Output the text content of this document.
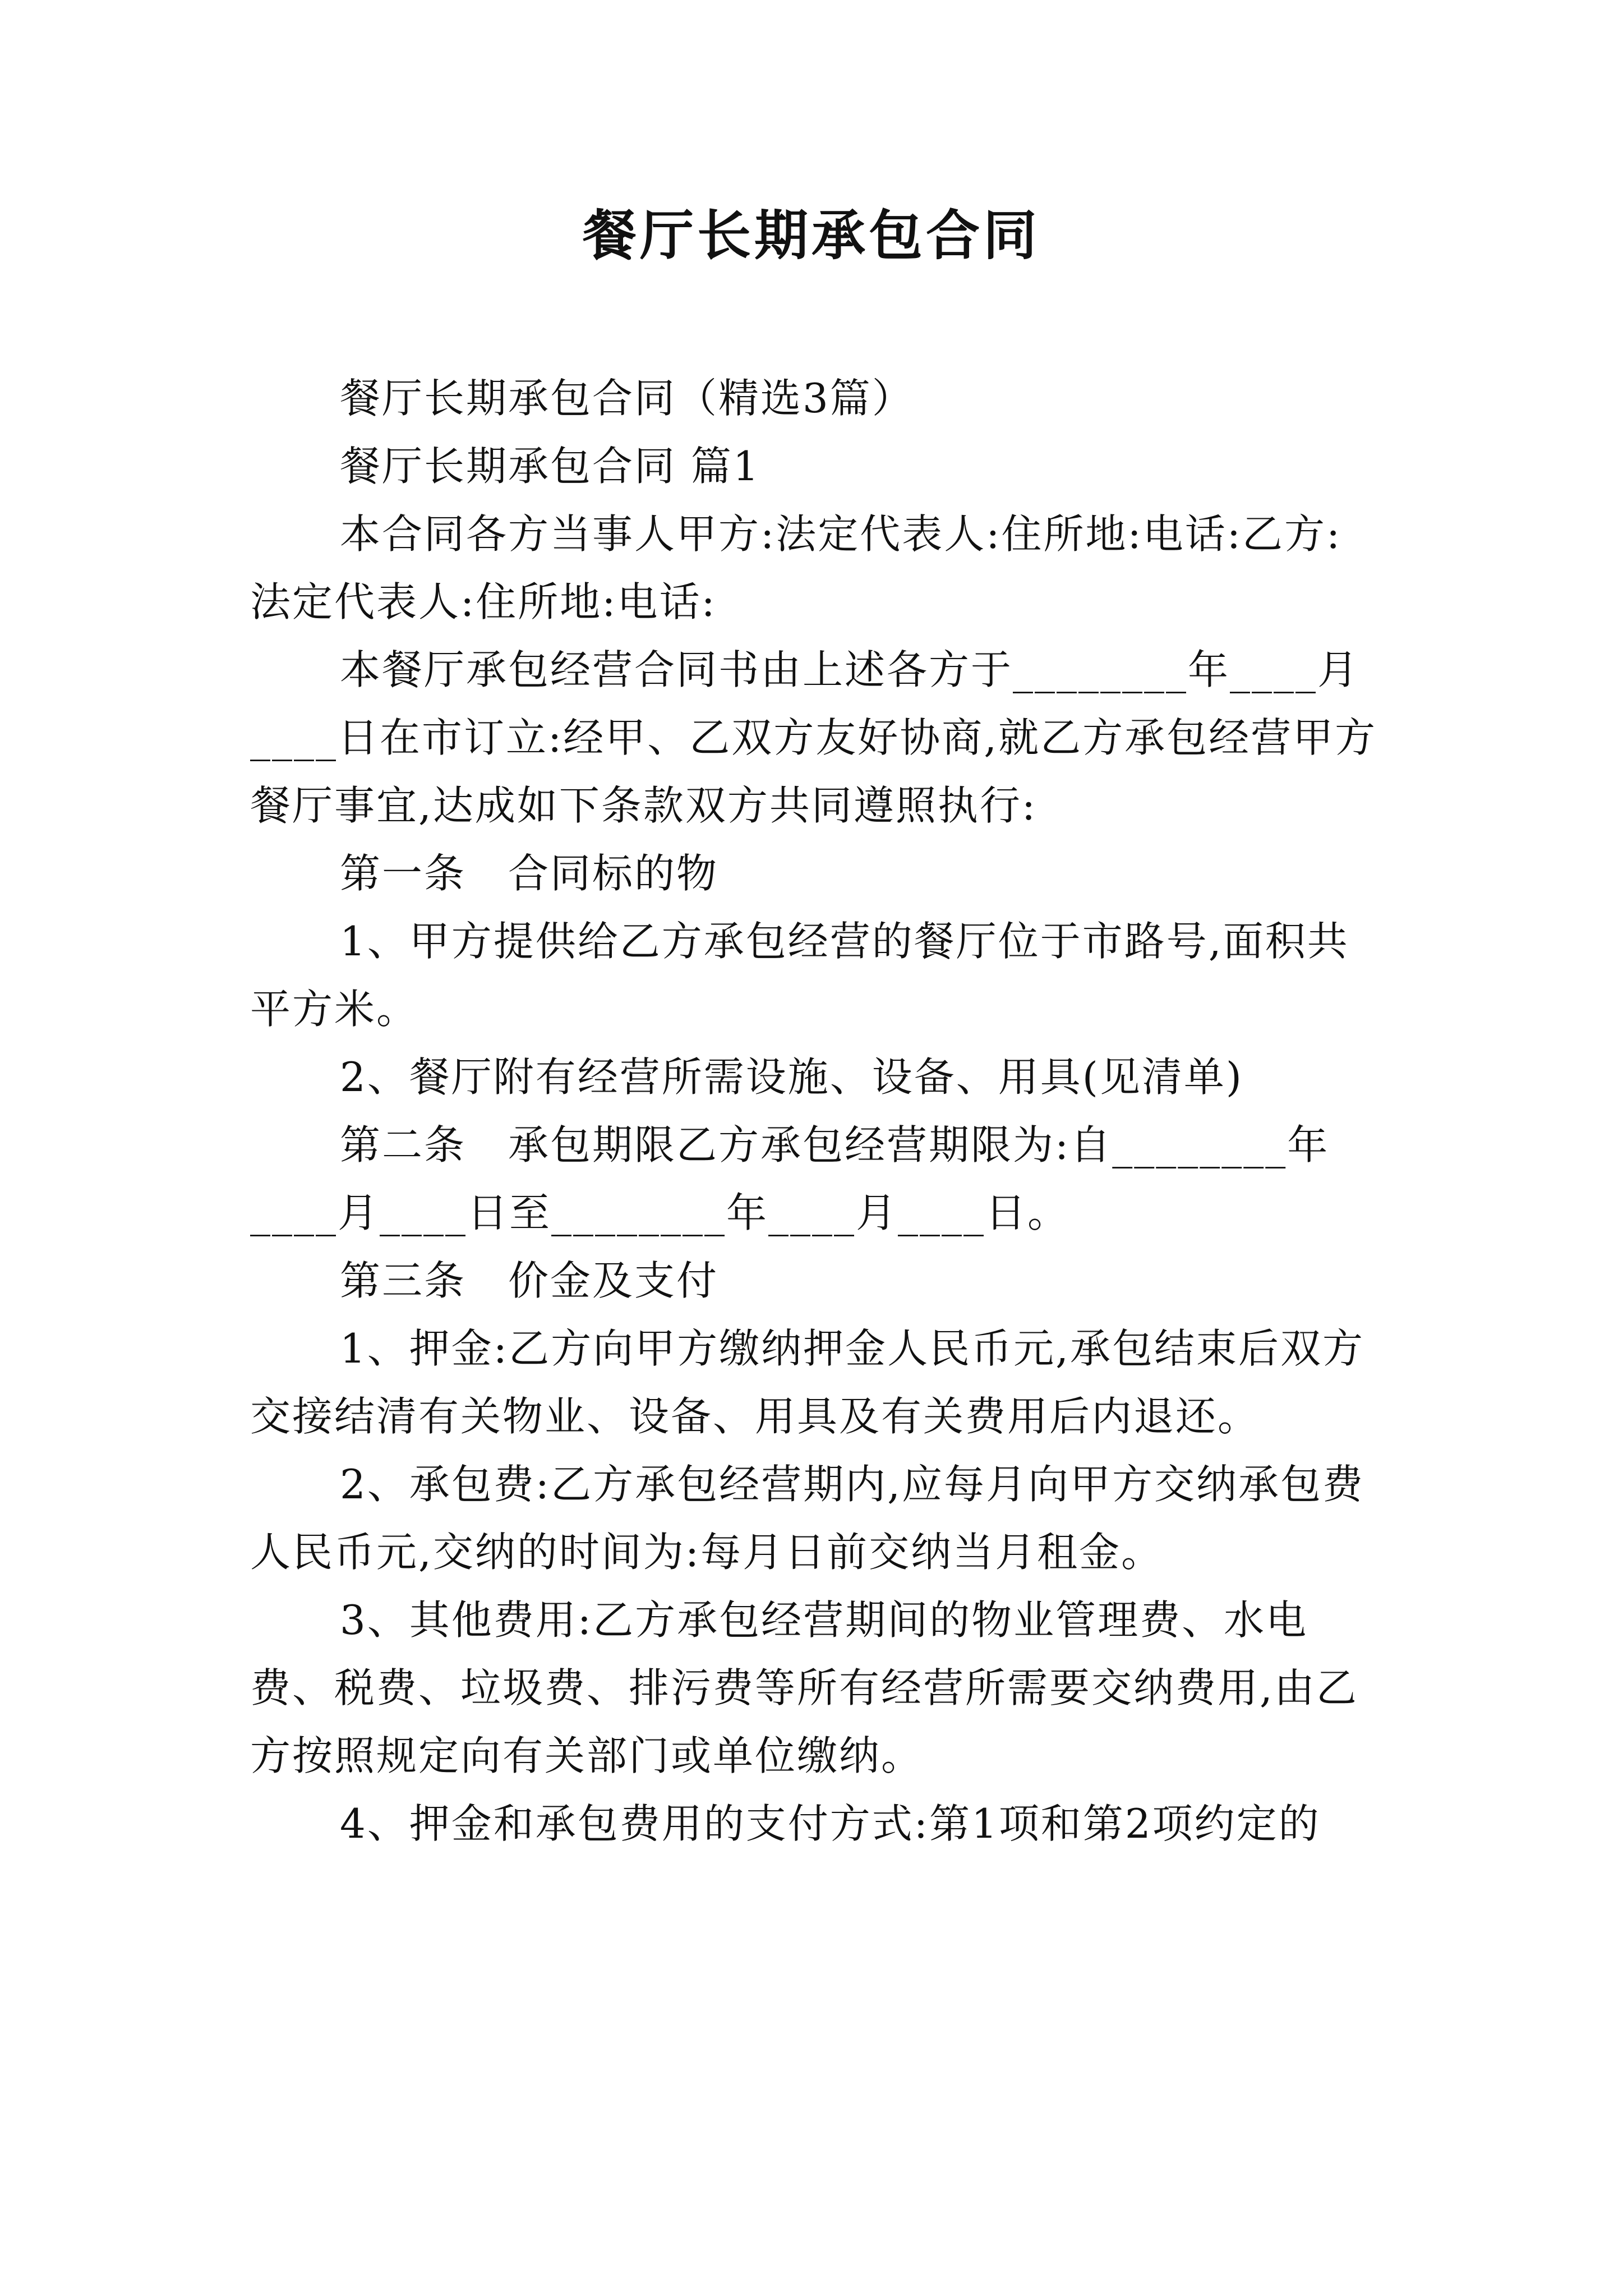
餐厅长期承包合同

餐厅长期承包合同（精选3篇）

餐厅长期承包合同 篇1

本合同各方当事人甲方:法定代表人:住所地:电话:乙方:法定代表人:住所地:电话:

本餐厅承包经营合同书由上述各方于________年____月____日在市订立:经甲、乙双方友好协商,就乙方承包经营甲方餐厅事宜,达成如下条款双方共同遵照执行:

第一条　合同标的物

1、甲方提供给乙方承包经营的餐厅位于市路号,面积共平方米。

2、餐厅附有经营所需设施、设备、用具(见清单)

第二条　承包期限乙方承包经营期限为:自________年____月____日至________年____月____日。

第三条　价金及支付

1、押金:乙方向甲方缴纳押金人民币元,承包结束后双方交接结清有关物业、设备、用具及有关费用后内退还。

2、承包费:乙方承包经营期内,应每月向甲方交纳承包费人民币元,交纳的时间为:每月日前交纳当月租金。

3、其他费用:乙方承包经营期间的物业管理费、水电费、税费、垃圾费、排污费等所有经营所需要交纳费用,由乙方按照规定向有关部门或单位缴纳。

4、押金和承包费用的支付方式:第1项和第2项约定的
